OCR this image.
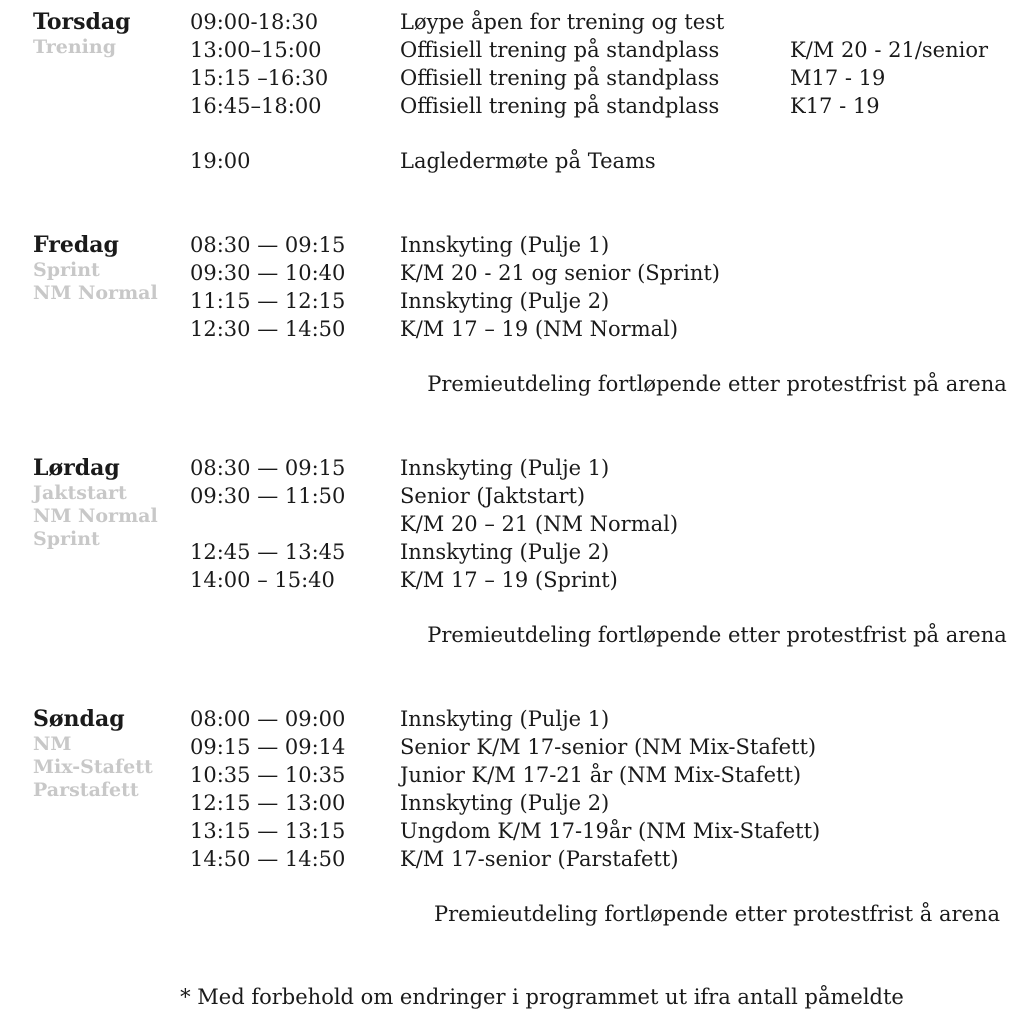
Torsdag
Trening
09:00-18:30	Løype åpen for trening og test
13:00–15:00	Offisiell trening på standplass	K/M 20 - 21/senior
15:15 –16:30	Offisiell trening på standplass	M17 - 19
16:45–18:00	Offisiell trening på standplass	K17 - 19
19:00	Lagledermøte på Teams
Fredag
Sprint
NM Normal
08:30 — 09:15	Innskyting (Pulje 1)
09:30 — 10:40	K/M 20 - 21 og senior (Sprint)
11:15 — 12:15	Innskyting (Pulje 2)
12:30 — 14:50	K/M 17 – 19 (NM Normal)
Premieutdeling fortløpende etter protestfrist på arena
Lørdag
Jaktstart
NM Normal
Sprint
08:30 — 09:15	Innskyting (Pulje 1)
09:30 — 11:50	Senior (Jaktstart)
K/M 20 – 21 (NM Normal)
12:45 — 13:45	Innskyting (Pulje 2)
14:00 – 15:40	K/M 17 – 19 (Sprint)
Premieutdeling fortløpende etter protestfrist på arena
Søndag
NM
Mix-Stafett
Parstafett
08:00 — 09:00	Innskyting (Pulje 1)
09:15 — 09:14	Senior K/M 17-senior (NM Mix-Stafett)
10:35 — 10:35	Junior K/M 17-21 år (NM Mix-Stafett)
12:15 — 13:00	Innskyting (Pulje 2)
13:15 — 13:15	Ungdom K/M 17-19år (NM Mix-Stafett)
14:50 — 14:50	K/M 17-senior (Parstafett)
Premieutdeling fortløpende etter protestfrist å arena
* Med forbehold om endringer i programmet ut ifra antall påmeldte
